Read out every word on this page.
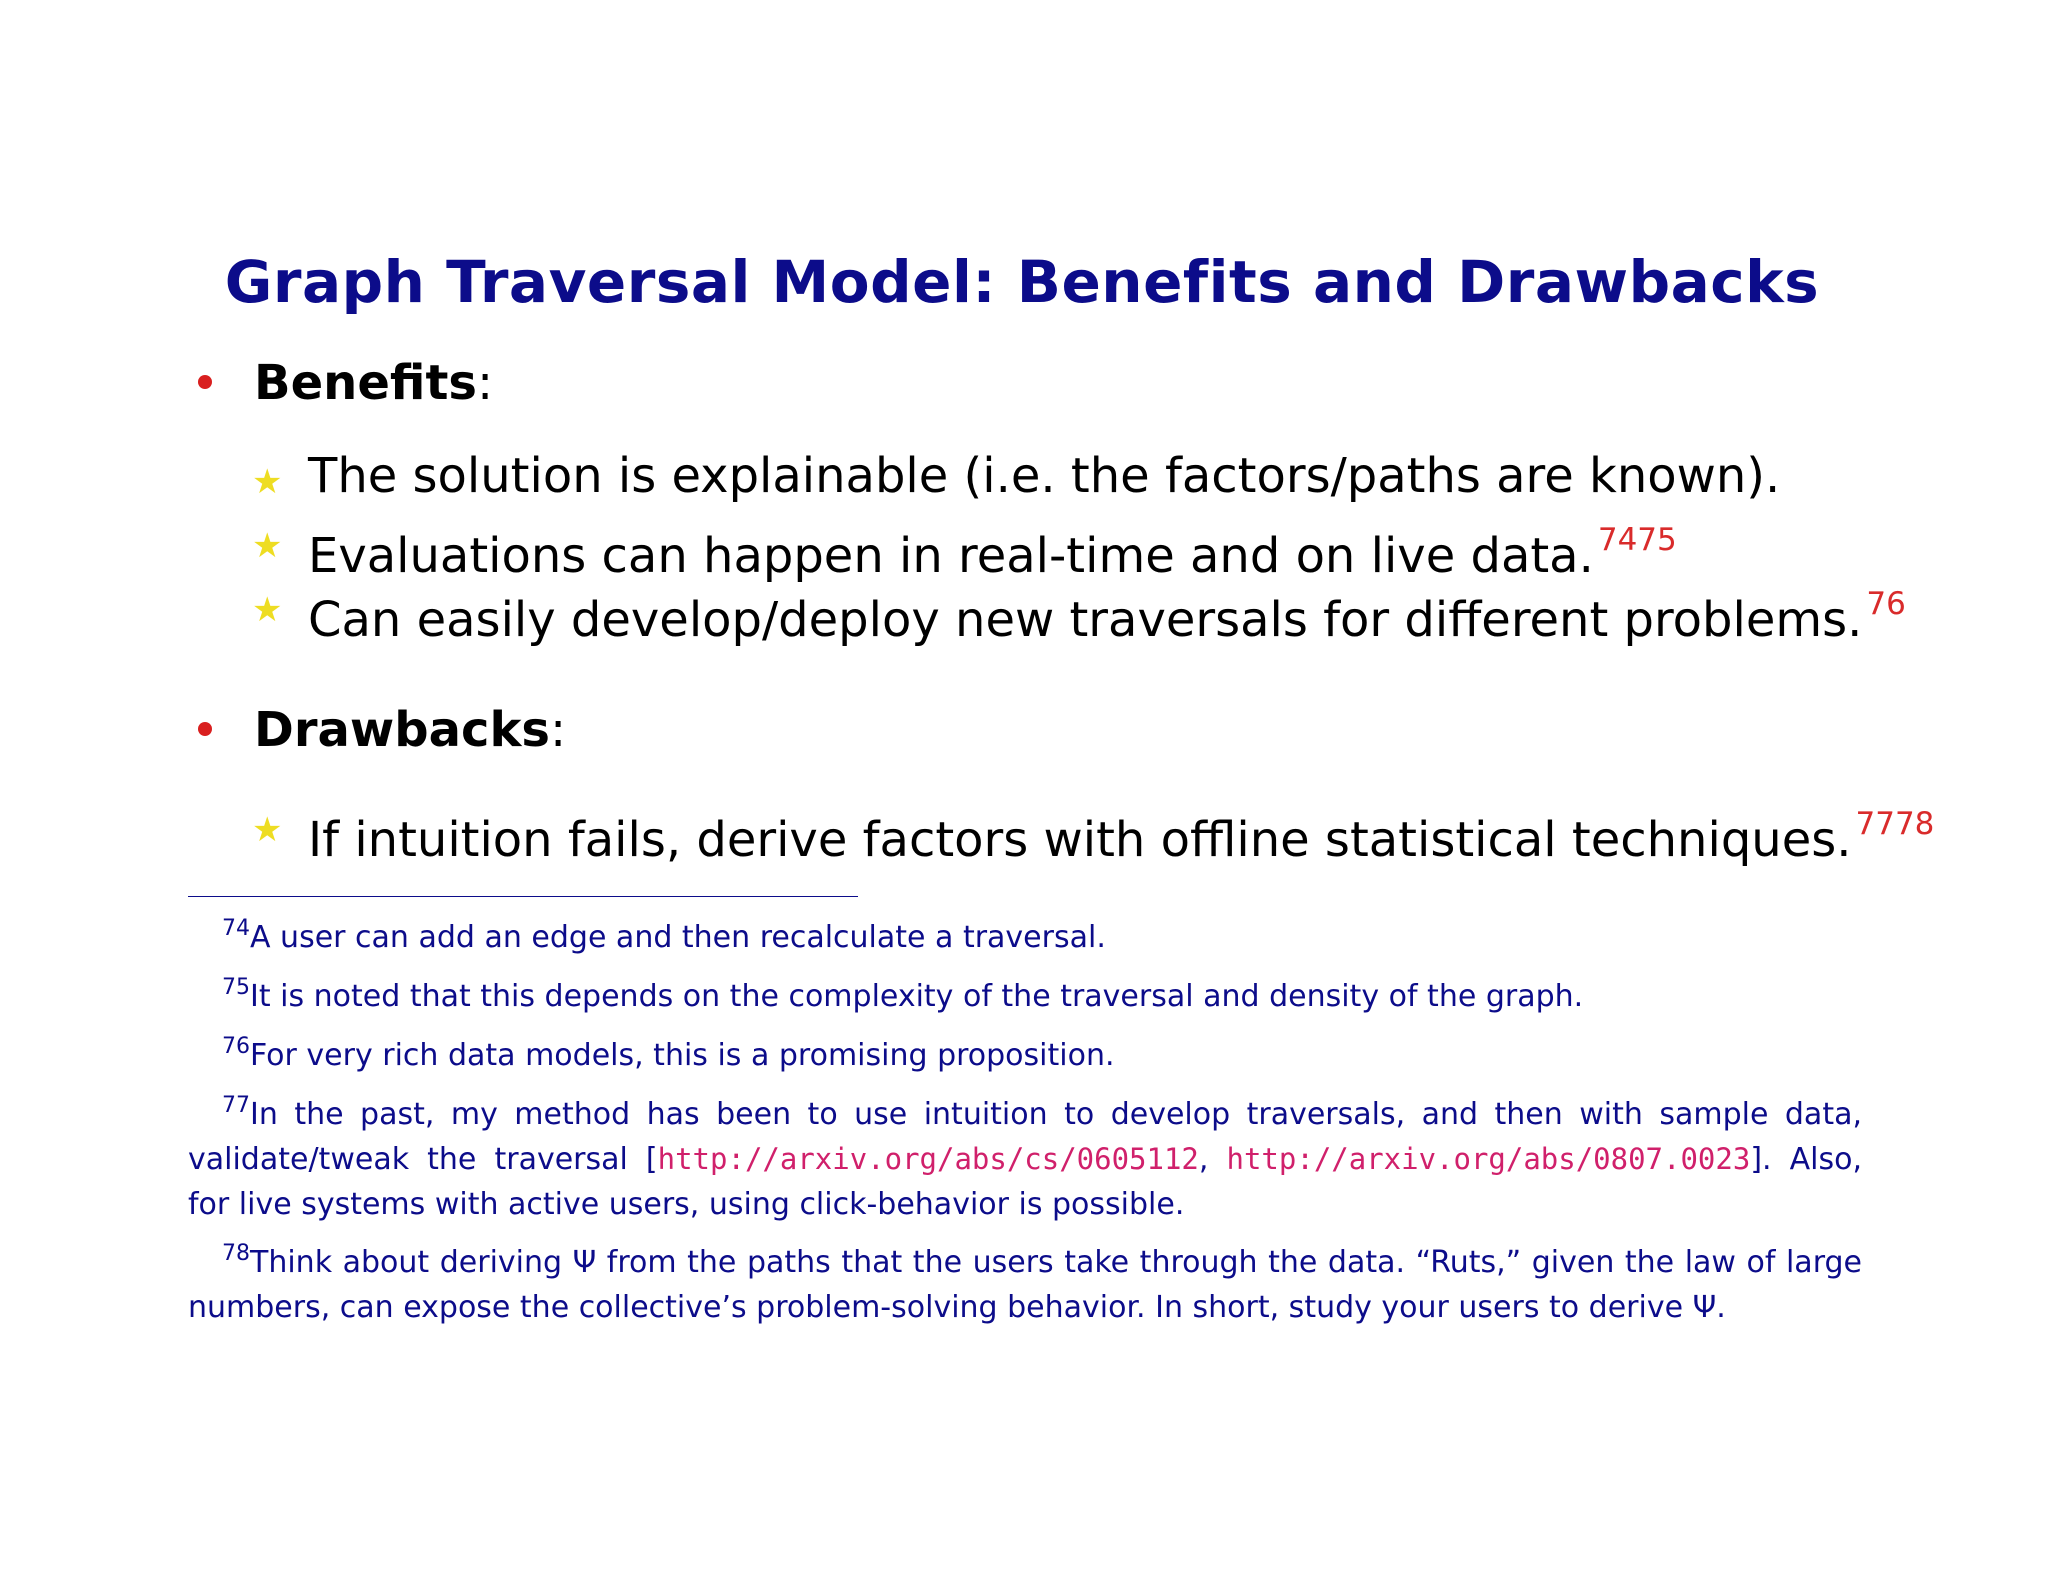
Graph Traversal Model: Benefits and Drawbacks
Benefits:
★ The solution is explainable (i.e. the factors/paths are known).
★ Evaluations can happen in real-time and on live data. $^{7475}$
★ Can easily develop/deploy new traversals for different problems. $^{76}$
Drawbacks:
★ If intuition fails, derive factors with offline statistical techniques. $^{7778}$
$^{74}$A user can add an edge and then recalculate a traversal.
$^{75}$It is noted that this depends on the complexity of the traversal and density of the graph.
$^{76}$For very rich data models, this is a promising proposition.
$^{77}$In the past, my method has been to use intuition to develop traversals, and then with sample data, validate/tweak the traversal [http://arxiv.org/abs/cs/0605112, http://arxiv.org/abs/0807.0023]. Also, for live systems with active users, using click-behavior is possible.
$^{78}$Think about deriving Ψ from the paths that the users take through the data. “Ruts,” given the law of large numbers, can expose the collective’s problem-solving behavior. In short, study your users to derive Ψ.
